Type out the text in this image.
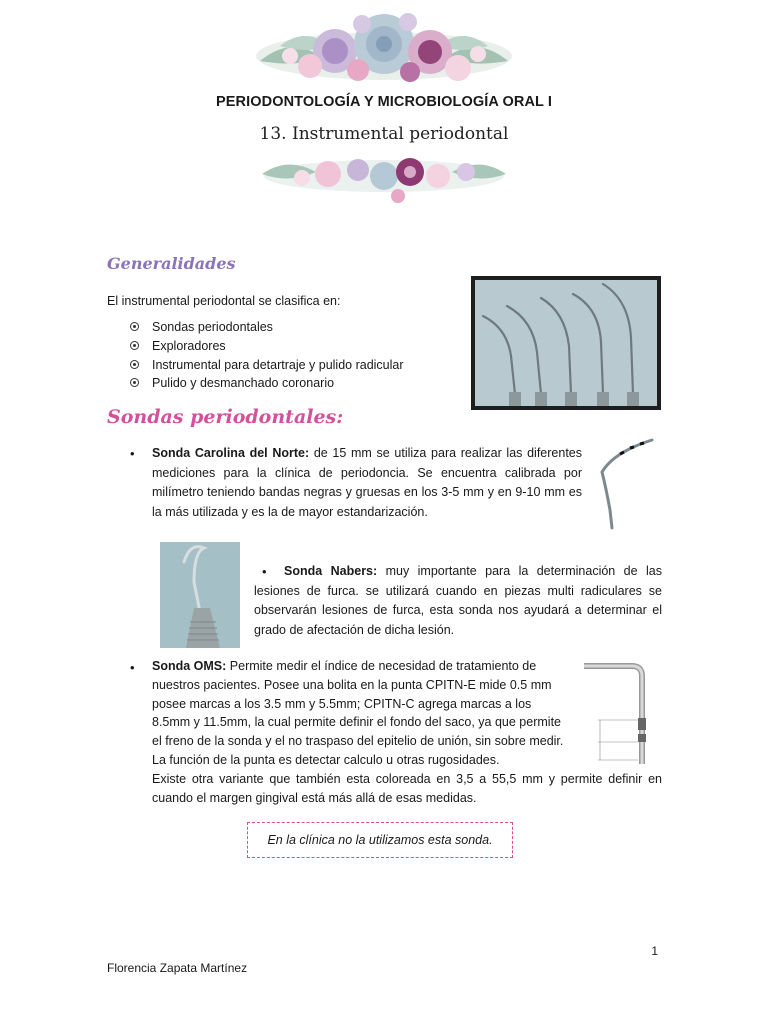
PERIODONTOLOGÍA Y MICROBIOLOGÍA ORAL I
13. Instrumental periodontal
Generalidades
El instrumental periodontal se clasifica en:
Sondas periodontales
Exploradores
Instrumental para detartraje y pulido radicular
Pulido y desmanchado coronario
Sondas periodontales:
• Sonda Carolina del Norte: de 15 mm se utiliza para realizar las diferentes mediciones para la clínica de periodoncia. Se encuentra calibrada por milímetro teniendo bandas negras y gruesas en los 3-5 mm y en 9-10 mm es la más utilizada y es la de mayor estandarización.
•	Sonda Nabers: muy importante para la determinación de las lesiones de furca. se utilizará cuando en piezas multi radiculares se observarán lesiones de furca, esta sonda nos ayudará a determinar el grado de afectación de dicha lesión.
• Sonda OMS: Permite medir el índice de necesidad de tratamiento de nuestros pacientes. Posee una bolita en la punta CPITN-E mide 0.5 mm posee marcas a los 3.5 mm y 5.5mm; CPITN-C agrega marcas a los 8.5mm y 11.5mm, la cual permite definir el fondo del saco, ya que permite el freno de la sonda y el no traspaso del epitelio de unión, sin sobre medir. La función de la punta es detectar calculo u otras rugosidades.
Existe otra variante que también esta coloreada en 3,5 a 55,5 mm y permite definir en cuando el margen gingival está más allá de esas medidas.
En la clínica no la utilizamos esta sonda.
1
Florencia Zapata Martínez
